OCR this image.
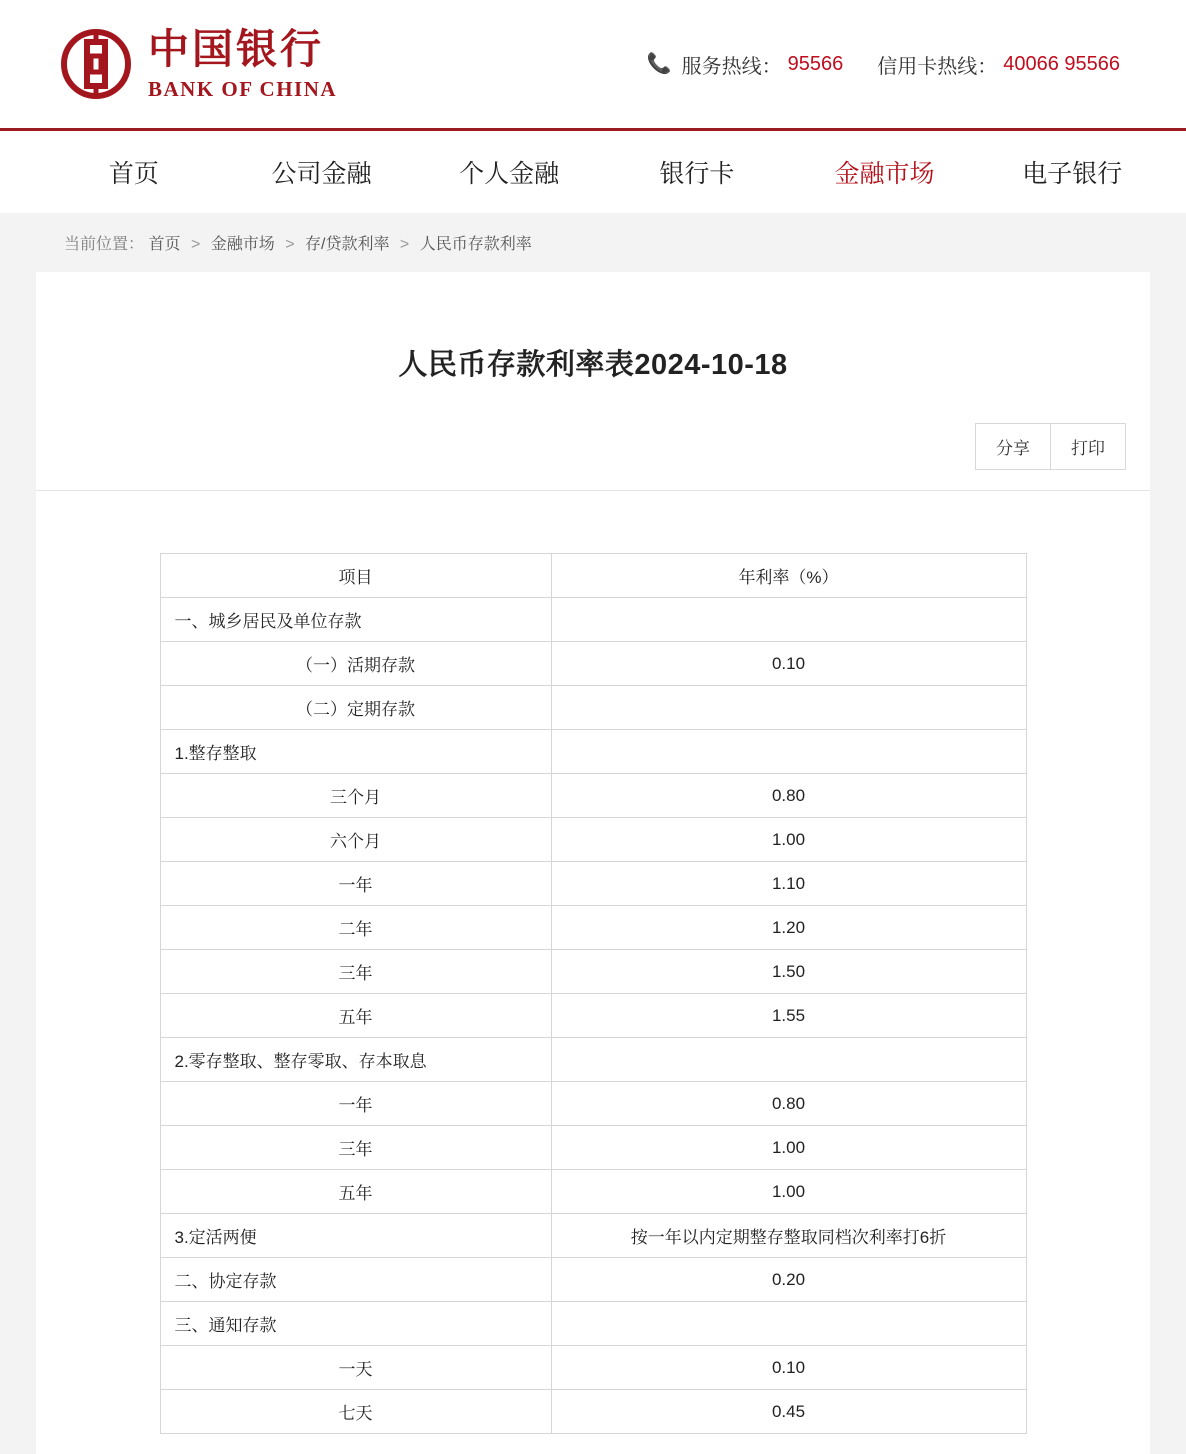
中国银行
BANK OF CHINA
📞 服务热线： 95566 信用卡热线： 40066 95566
首页	公司金融	个人金融	银行卡	金融市场	电子银行
当前位置： 首页 > 金融市场 > 存/贷款利率 > 人民币存款利率
人民币存款利率表2024-10-18
分享	打印
项目	年利率（%）
一、城乡居民及单位存款	
（一）活期存款	0.10
（二）定期存款	
1.整存整取	
三个月	0.80
六个月	1.00
一年	1.10
二年	1.20
三年	1.50
五年	1.55
2.零存整取、整存零取、存本取息	
一年	0.80
三年	1.00
五年	1.00
3.定活两便	按一年以内定期整存整取同档次利率打6折
二、协定存款	0.20
三、通知存款	
一天	0.10
七天	0.45
